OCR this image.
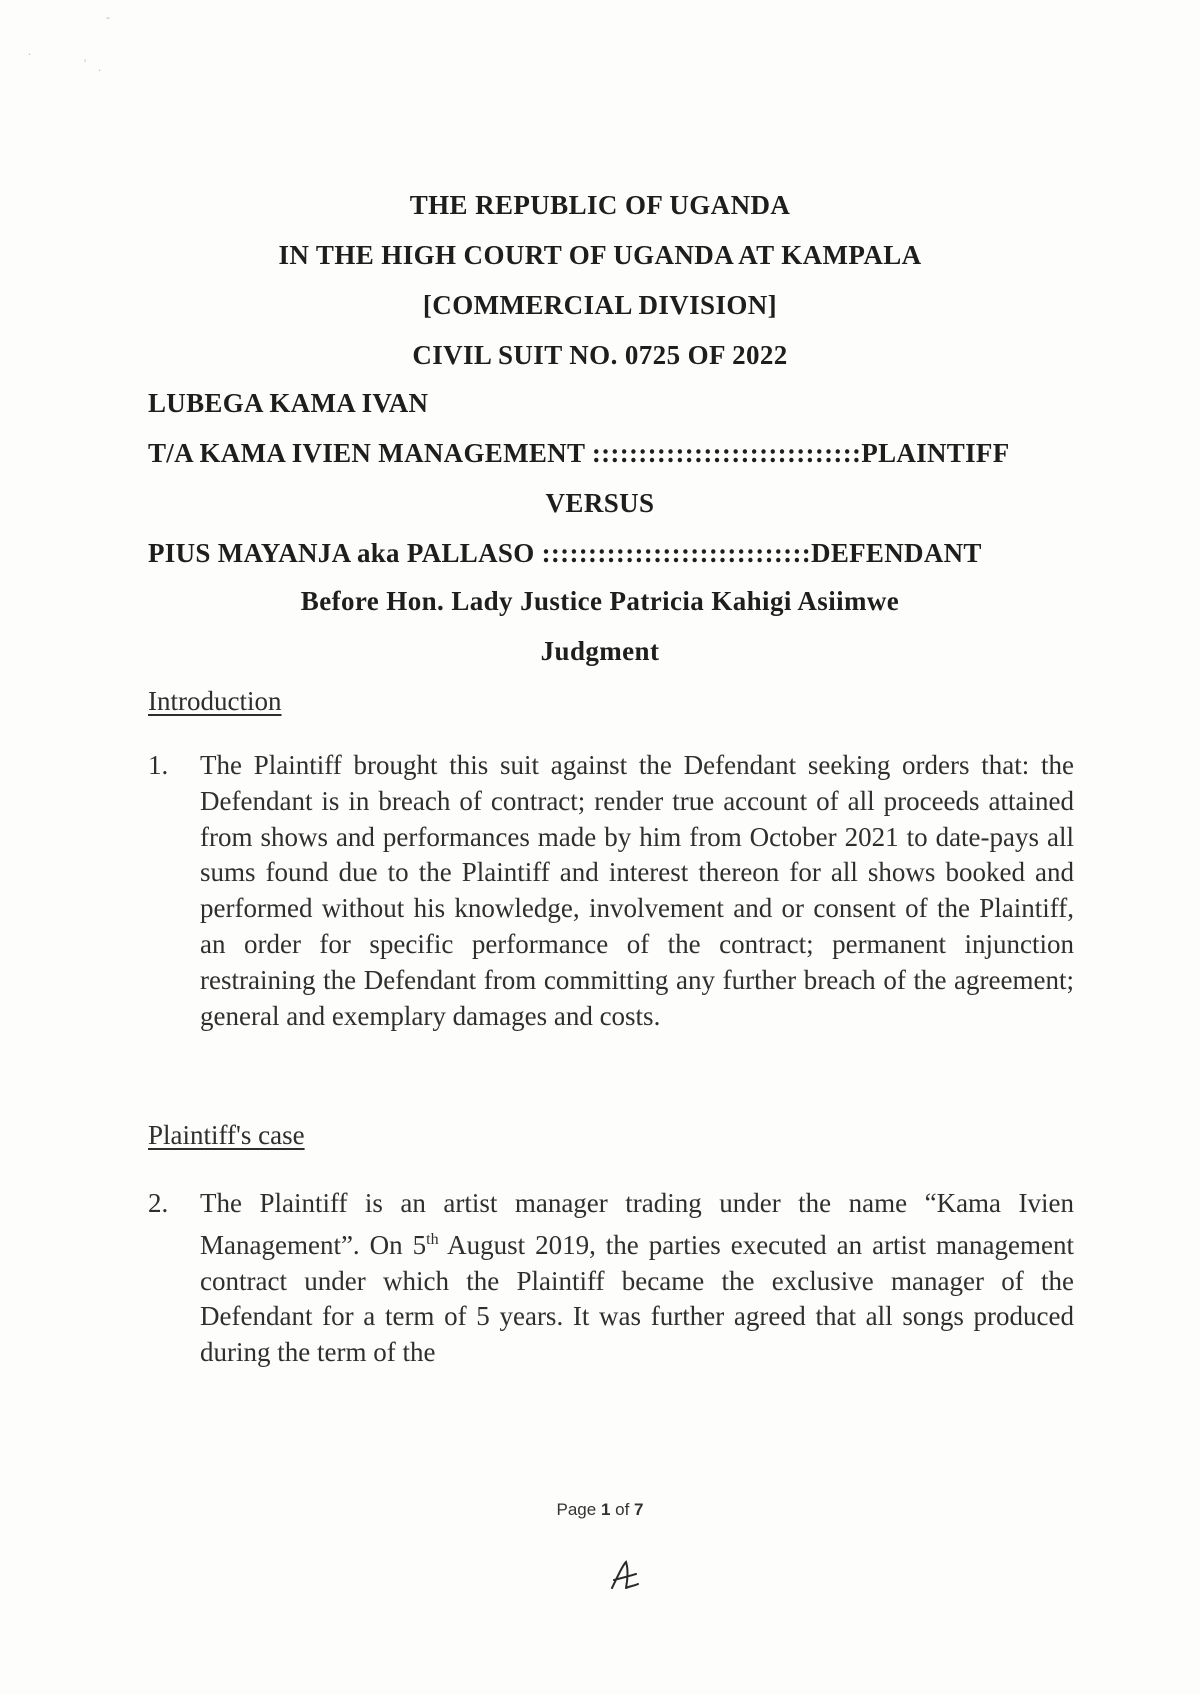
-
.
' .
THE REPUBLIC OF UGANDA
IN THE HIGH COURT OF UGANDA AT KAMPALA
[COMMERCIAL DIVISION]
CIVIL SUIT NO. 0725 OF 2022
LUBEGA KAMA IVAN
T/A KAMA IVIEN MANAGEMENT :::::::::::::::::::::::::::::PLAINTIFF
VERSUS
PIUS MAYANJA aka PALLASO :::::::::::::::::::::::::::::DEFENDANT
Before Hon. Lady Justice Patricia Kahigi Asiimwe
Judgment
Introduction
1. The Plaintiff brought this suit against the Defendant seeking orders that: the Defendant is in breach of contract; render true account of all proceeds attained from shows and performances made by him from October 2021 to date-pays all sums found due to the Plaintiff and interest thereon for all shows booked and performed without his knowledge, involvement and or consent of the Plaintiff, an order for specific performance of the contract; permanent injunction restraining the Defendant from committing any further breach of the agreement; general and exemplary damages and costs.
Plaintiff's case
2. The Plaintiff is an artist manager trading under the name “Kama Ivien Management”. On 5th August 2019, the parties executed an artist management contract under which the Plaintiff became the exclusive manager of the Defendant for a term of 5 years. It was further agreed that all songs produced during the term of the
Page 1 of 7
